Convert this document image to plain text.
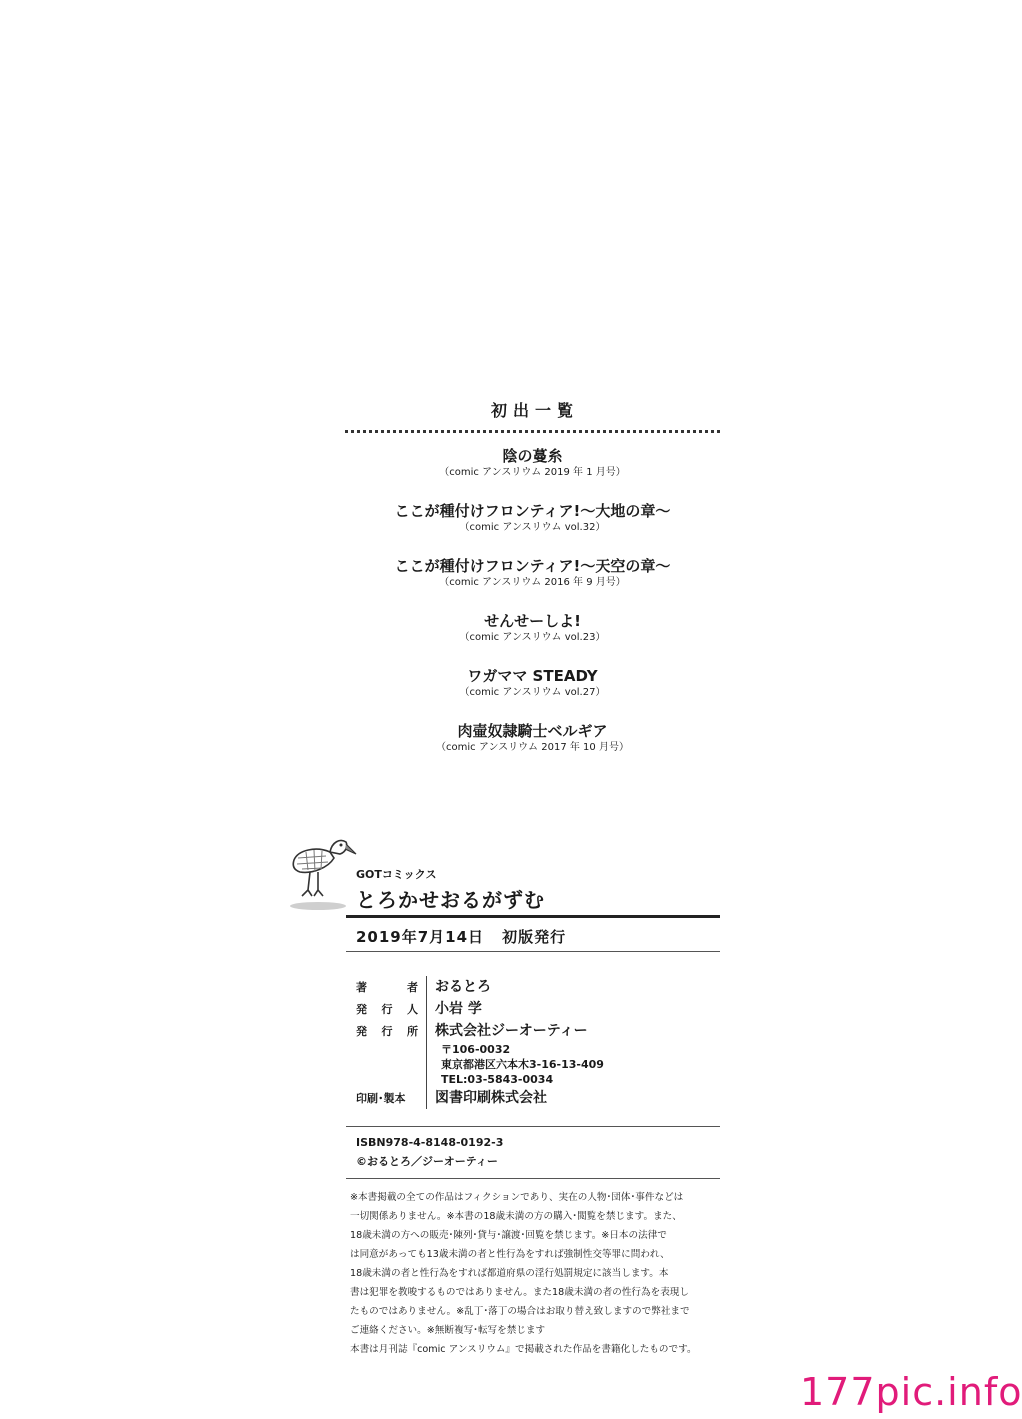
初出一覧
陰の蔓糸
（comic アンスリウム 2019 年 1 月号）
ここが種付けフロンティア!～大地の章～
（comic アンスリウム vol.32）
ここが種付けフロンティア!～天空の章～
（comic アンスリウム 2016 年 9 月号）
せんせーしよ!
（comic アンスリウム vol.23）
ワガママ STEADY
（comic アンスリウム vol.27）
肉壷奴隷騎士ベルギア
（comic アンスリウム 2017 年 10 月号）
GOTコミックス
とろかせおるがずむ
2019年7月14日 初版発行
著	者 おるとろ
発 行 人 小岩 学
発 行 所 株式会社ジーオーティー
〒106-0032
東京都港区六本木3-16-13-409
TEL:03-5843-0034
印刷･製本	図書印刷株式会社
ISBN978-4-8148-0192-3
©おるとろ／ジーオーティー
※本書掲載の全ての作品はフィクションであり、実在の人物･団体･事件などは
一切関係ありません。※本書の18歳未満の方の購入･閲覧を禁じます。また、
18歳未満の方への販売･陳列･貸与･譲渡･回覧を禁じます。※日本の法律で
は同意があっても13歳未満の者と性行為をすれば強制性交等罪に問われ、
18歳未満の者と性行為をすれば都道府県の淫行処罰規定に該当します。本
書は犯罪を教唆するものではありません。また18歳未満の者の性行為を表現し
たものではありません。※乱丁･落丁の場合はお取り替え致しますので弊社まで
ご連絡ください。※無断複写･転写を禁じます
本書は月刊誌『comic アンスリウム』で掲載された作品を書籍化したものです。
177pic.info
